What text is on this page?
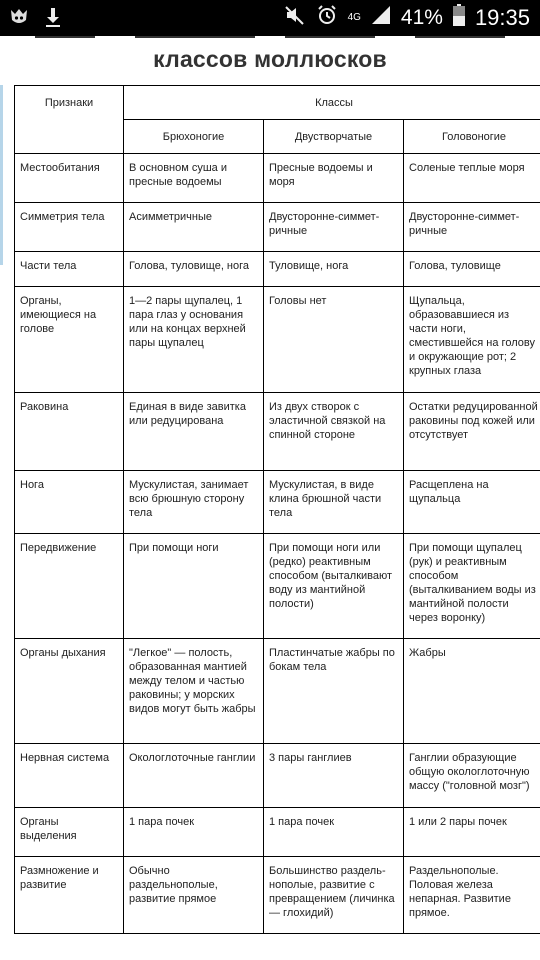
4G 41% 19:35
классов моллюсков
Признаки	Классы		
	Брюхоногие	Двустворчатые	Головоногие
Местообитания	В основном суша и пресные водоемы	Пресные водоемы и моря	Соленые теплые моря
Симметрия тела	Асимметричные	Двусторонне-симмет-ричные	Двусторонне-симмет-ричные
Части тела	Голова, туловище, нога	Туловище, нога	Голова, туловище
Органы, имеющиеся на голове	1—2 пары щупалец, 1 пара глаз у основания или на концах верхней пары щупалец	Головы нет	Щупальца, образовавшиеся из части ноги, сместившейся на голову и окружающие рот; 2 крупных глаза
Раковина	Единая в виде завитка или редуцирована	Из двух створок с эластичной связкой на спинной стороне	Остатки редуцированной раковины под кожей или отсутствует
Нога	Мускулистая, занимает всю брюшную сторону тела	Мускулистая, в виде клина брюшной части тела	Расщеплена на щупальца
Передвижение	При помощи ноги	При помощи ноги или (редко) реактивным способом (выталкивают воду из мантийной полости)	При помощи щупалец (рук) и реактивным способом (выталкиванием воды из мантийной полости через воронку)
Органы дыхания	"Легкое" — полость, образованная мантией между телом и частью раковины; у морских видов могут быть жабры	Пластинчатые жабры по бокам тела	Жабры
Нервная система	Окологлоточные ганглии	3 пары ганглиев	Ганглии образующие общую окологлоточную массу ("головной мозг")
Органы выделения	1 пара почек	1 пара почек	1 или 2 пары почек
Размножение и развитие	Обычно раздельнополые, развитие прямое	Большинство раздель-нополые, развитие с превращением (личинка — глохидий)	Раздельнополые. Половая железа непарная. Развитие прямое.
